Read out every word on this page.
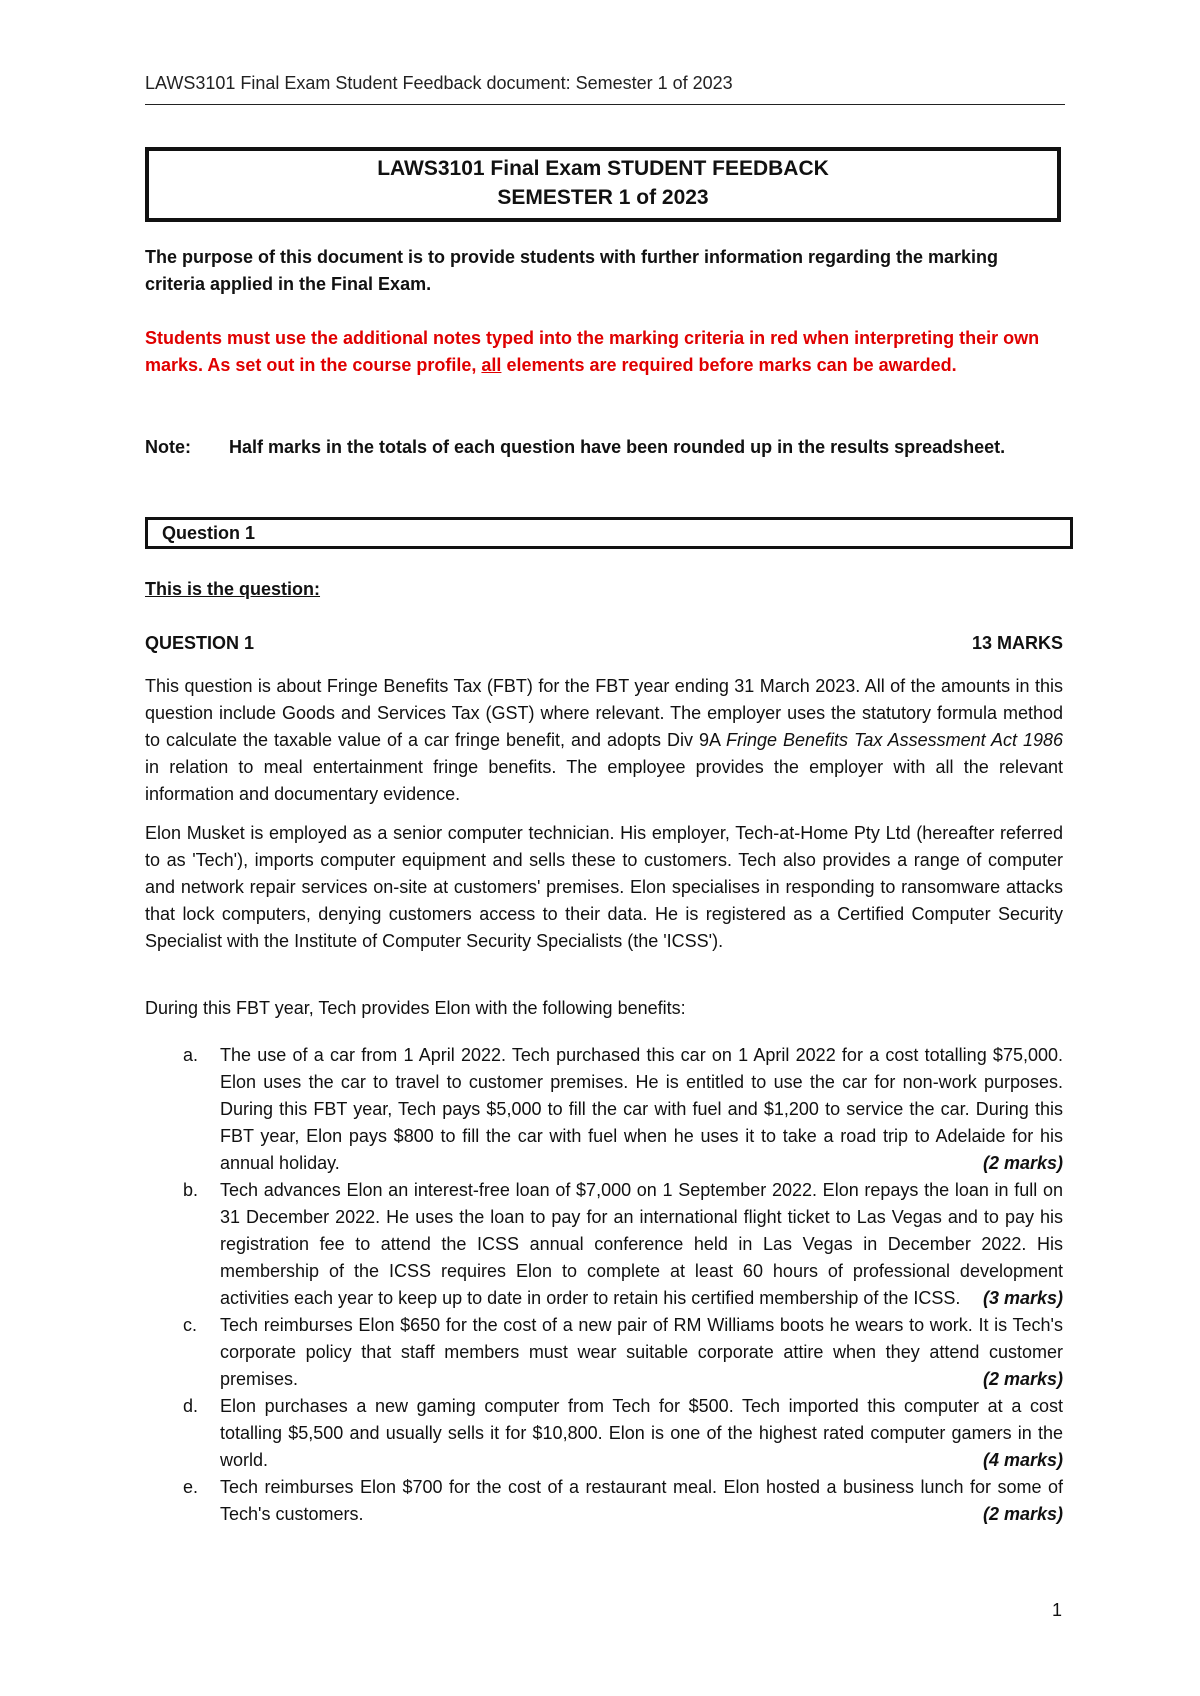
LAWS3101 Final Exam Student Feedback document: Semester 1 of 2023
LAWS3101 Final Exam STUDENT FEEDBACK
SEMESTER 1 of 2023
The purpose of this document is to provide students with further information regarding the marking criteria applied in the Final Exam.
Students must use the additional notes typed into the marking criteria in red when interpreting their own marks. As set out in the course profile, all elements are required before marks can be awarded.
Note: Half marks in the totals of each question have been rounded up in the results spreadsheet.
Question 1
This is the question:
QUESTION 1	13 MARKS
This question is about Fringe Benefits Tax (FBT) for the FBT year ending 31 March 2023. All of the amounts in this question include Goods and Services Tax (GST) where relevant. The employer uses the statutory formula method to calculate the taxable value of a car fringe benefit, and adopts Div 9A Fringe Benefits Tax Assessment Act 1986 in relation to meal entertainment fringe benefits. The employee provides the employer with all the relevant information and documentary evidence.
Elon Musket is employed as a senior computer technician. His employer, Tech-at-Home Pty Ltd (hereafter referred to as 'Tech'), imports computer equipment and sells these to customers. Tech also provides a range of computer and network repair services on-site at customers' premises. Elon specialises in responding to ransomware attacks that lock computers, denying customers access to their data. He is registered as a Certified Computer Security Specialist with the Institute of Computer Security Specialists (the 'ICSS').
During this FBT year, Tech provides Elon with the following benefits:
a. The use of a car from 1 April 2022. Tech purchased this car on 1 April 2022 for a cost totalling $75,000. Elon uses the car to travel to customer premises. He is entitled to use the car for non-work purposes. During this FBT year, Tech pays $5,000 to fill the car with fuel and $1,200 to service the car. During this FBT year, Elon pays $800 to fill the car with fuel when he uses it to take a road trip to Adelaide for his annual holiday.	(2 marks)
b. Tech advances Elon an interest-free loan of $7,000 on 1 September 2022. Elon repays the loan in full on 31 December 2022. He uses the loan to pay for an international flight ticket to Las Vegas and to pay his registration fee to attend the ICSS annual conference held in Las Vegas in December 2022. His membership of the ICSS requires Elon to complete at least 60 hours of professional development activities each year to keep up to date in order to retain his certified membership of the ICSS. (3 marks)
c. Tech reimburses Elon $650 for the cost of a new pair of RM Williams boots he wears to work. It is Tech's corporate policy that staff members must wear suitable corporate attire when they attend customer premises.	(2 marks)
d. Elon purchases a new gaming computer from Tech for $500. Tech imported this computer at a cost totalling $5,500 and usually sells it for $10,800. Elon is one of the highest rated computer gamers in the world.	(4 marks)
e. Tech reimburses Elon $700 for the cost of a restaurant meal. Elon hosted a business lunch for some of Tech's customers.	(2 marks)
1
